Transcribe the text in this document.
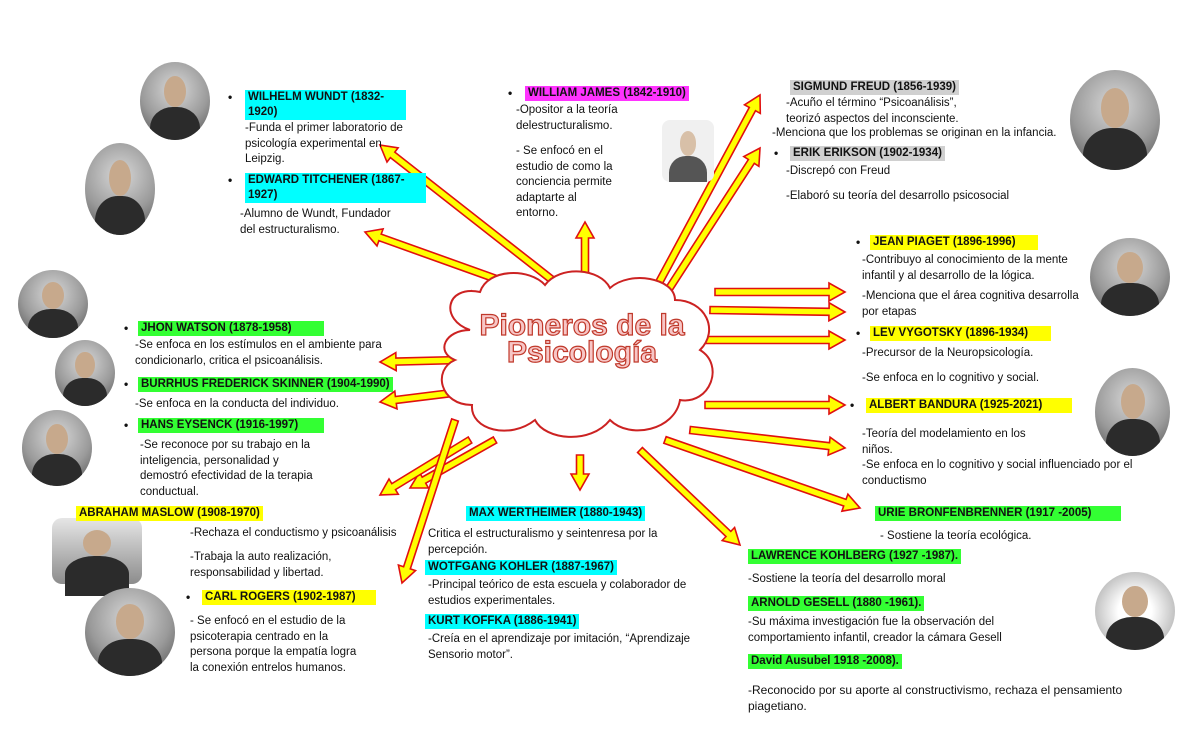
Pioneros de la Psicología
• WILHELM WUNDT (1832-1920)
-Funda el primer laboratorio de
psicología experimental en
Leipzig.
• EDWARD TITCHENER (1867-1927)
-Alumno de Wundt, Fundador
del estructuralismo.
• WILLIAM JAMES (1842-1910)
-Opositor a la teoría
delestructuralismo.
- Se enfocó en el
estudio de como la
conciencia permite
adaptarte al
entorno.
SIGMUND FREUD (1856-1939)
-Acuño el término “Psicoanálisis”,
teorizó aspectos del inconsciente.
-Menciona que los problemas se originan en la infancia.
• ERIK ERIKSON (1902-1934)
-Discrepó con Freud
-Elaboró su teoría del desarrollo psicosocial
• JEAN PIAGET (1896-1996)
-Contribuyo al conocimiento de la mente
infantil y al desarrollo de la lógica.
-Menciona que el área cognitiva desarrolla
por etapas
• LEV VYGOTSKY (1896-1934)
-Precursor de la Neuropsicología.
-Se enfoca en lo cognitivo y social.
• ALBERT BANDURA (1925-2021)
-Teoría del modelamiento en los
niños.
-Se enfoca en lo cognitivo y social influenciado por el
conductismo
URIE BRONFENBRENNER (1917 -2005)
- Sostiene la teoría ecológica.
LAWRENCE KOHLBERG (1927 -1987).
-Sostiene la teoría del desarrollo moral
ARNOLD GESELL (1880 -1961).
-Su máxima investigación fue la observación del
comportamiento infantil, creador la cámara Gesell
David Ausubel 1918 -2008).
-Reconocido por su aporte al constructivismo, rechaza el pensamiento
piagetiano.
MAX WERTHEIMER (1880-1943)
Critica el estructuralismo y seintenresa por la
percepción.
WOTFGANG KOHLER (1887-1967)
-Principal teórico de esta escuela y colaborador de
estudios experimentales.
KURT KOFFKA (1886-1941)
-Creía en el aprendizaje por imitación, “Aprendizaje
Sensorio motor”.
• JHON WATSON (1878-1958)
-Se enfoca en los estímulos en el ambiente para
condicionarlo, critica el psicoanálisis.
• BURRHUS FREDERICK SKINNER (1904-1990)
-Se enfoca en la conducta del individuo.
• HANS EYSENCK (1916-1997)
-Se reconoce por su trabajo en la
inteligencia, personalidad y
demostró efectividad de la terapia
conductual.
ABRAHAM MASLOW (1908-1970)
-Rechaza el conductismo y psicoanálisis
-Trabaja la auto realización,
responsabilidad y libertad.
• CARL ROGERS (1902-1987)
- Se enfocó en el estudio de la
psicoterapia centrado en la
persona porque la empatía logra
la conexión entrelos humanos.
